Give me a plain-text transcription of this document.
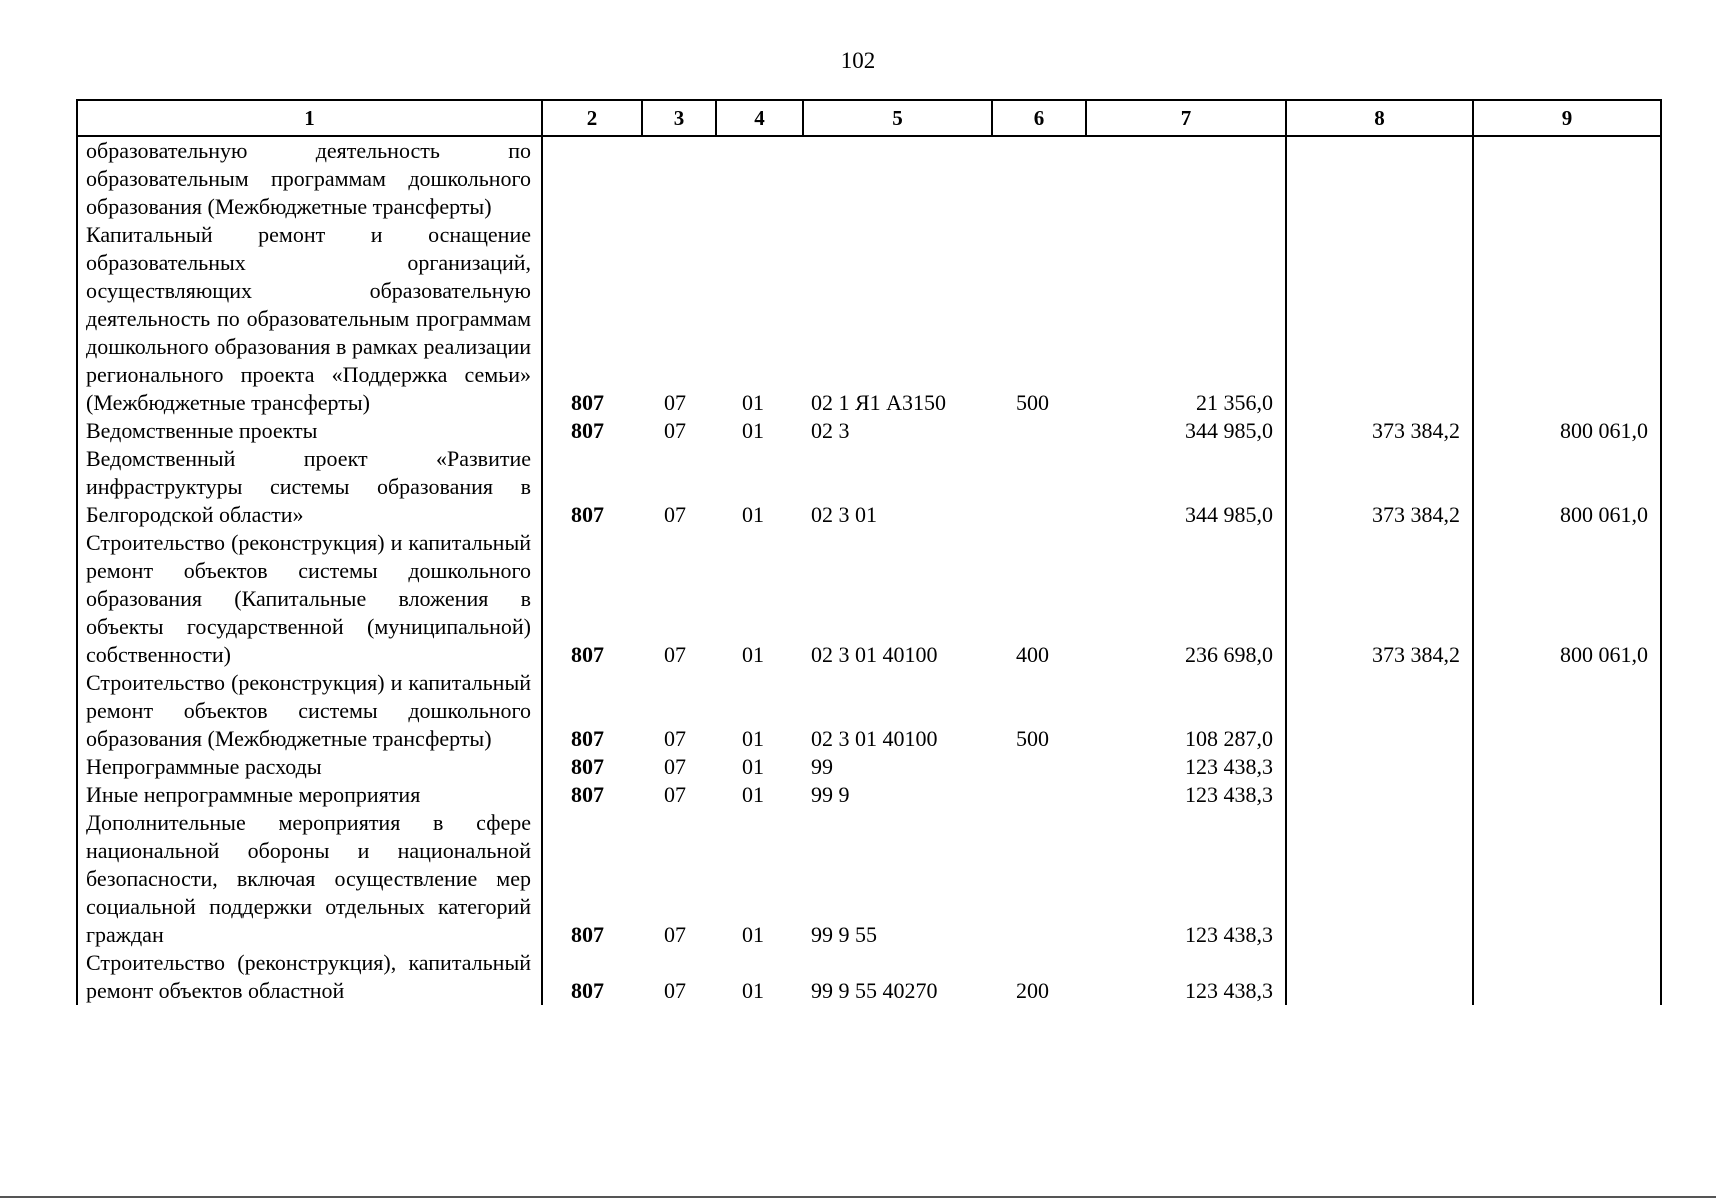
102
1	2	3	4	5	6	7	8	9
образовательную деятельность по образовательным программам дошкольного образования (Межбюджетные трансферты)								
Капитальный ремонт и оснащение образовательных организаций, осуществляющих образовательную деятельность по образовательным программам дошкольного образования в рамках реализации регионального проекта «Поддержка семьи» (Межбюджетные трансферты)	807	07	01	02 1 Я1 А3150	500	21 356,0		
Ведомственные проекты	807	07	01	02 3		344 985,0	373 384,2	800 061,0
Ведомственный проект «Развитие инфраструктуры системы образования в Белгородской области»	807	07	01	02 3 01		344 985,0	373 384,2	800 061,0
Строительство (реконструкция) и капитальный ремонт объектов системы дошкольного образования (Капитальные вложения в объекты государственной (муниципальной) собственности)	807	07	01	02 3 01 40100	400	236 698,0	373 384,2	800 061,0
Строительство (реконструкция) и капитальный ремонт объектов системы дошкольного образования (Межбюджетные трансферты)	807	07	01	02 3 01 40100	500	108 287,0		
Непрограммные расходы	807	07	01	99		123 438,3		
Иные непрограммные мероприятия	807	07	01	99 9		123 438,3		
Дополнительные мероприятия в сфере национальной обороны и национальной безопасности, включая осуществление мер социальной поддержки отдельных категорий граждан	807	07	01	99 9 55		123 438,3		
Строительство (реконструкция), капитальный ремонт объектов областной	807	07	01	99 9 55 40270	200	123 438,3		
